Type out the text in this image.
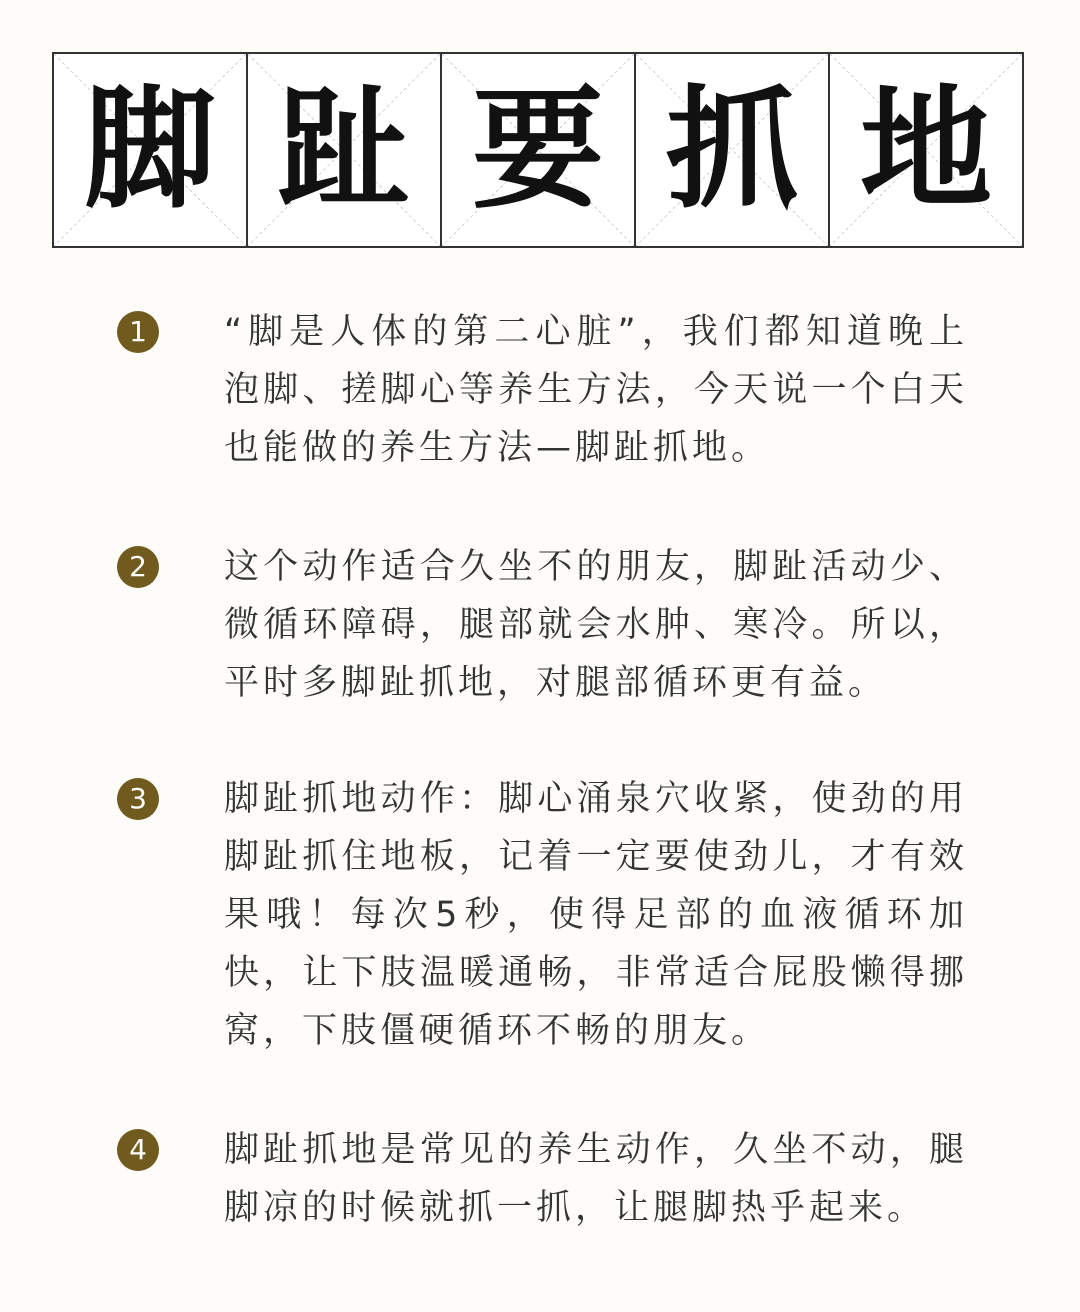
脚 趾 要 抓 地
1	“脚是人体的第二心脏”，我们都知道晚上泡脚、搓脚心等养生方法，今天说一个白天也能做的养生方法—脚趾抓地。

2	这个动作适合久坐不的朋友，脚趾活动少、微循环障碍，腿部就会水肿、寒冷。所以，平时多脚趾抓地，对腿部循环更有益。

3	脚趾抓地动作：脚心涌泉穴收紧，使劲的用脚趾抓住地板，记着一定要使劲儿，才有效果哦！每次5秒，使得足部的血液循环加快，让下肢温暖通畅，非常适合屁股懒得挪窝，下肢僵硬循环不畅的朋友。

4	脚趾抓地是常见的养生动作，久坐不动，腿脚凉的时候就抓一抓，让腿脚热乎起来。
